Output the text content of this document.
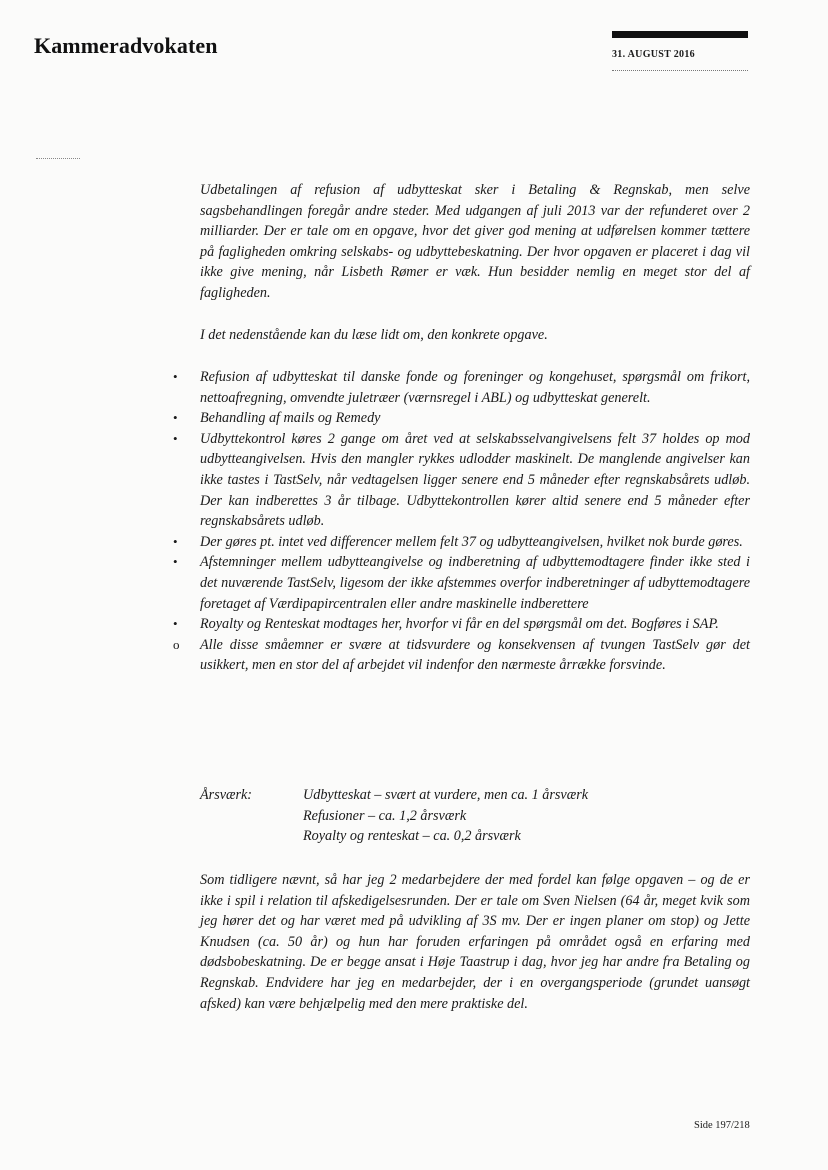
Kammeradvokaten	31. AUGUST 2016

Udbetalingen af refusion af udbytteskat sker i Betaling & Regnskab, men selve sagsbehandlingen foregår andre steder. Med udgangen af juli 2013 var der refunderet over 2 milliarder. Der er tale om en opgave, hvor det giver god mening at udførelsen kommer tættere på fagligheden omkring selskabs- og udbyttebeskatning. Der hvor opgaven er placeret i dag vil ikke give mening, når Lisbeth Rømer er væk. Hun besidder nemlig en meget stor del af fagligheden.

I det nedenstående kan du læse lidt om, den konkrete opgave.

• Refusion af udbytteskat til danske fonde og foreninger og kongehuset, spørgsmål om frikort, nettoafregning, omvendte juletræer (værnsregel i ABL) og udbytteskat generelt.
• Behandling af mails og Remedy
• Udbyttekontrol køres 2 gange om året ved at selskabsselvangivelsens felt 37 holdes op mod udbytteangivelsen. Hvis den mangler rykkes udlodder maskinelt. De manglende angivelser kan ikke tastes i TastSelv, når vedtagelsen ligger senere end 5 måneder efter regnskabsårets udløb. Der kan indberettes 3 år tilbage. Udbyttekontrollen kører altid senere end 5 måneder efter regnskabsårets udløb.
• Der gøres pt. intet ved differencer mellem felt 37 og udbytteangivelsen, hvilket nok burde gøres.
• Afstemninger mellem udbytteangivelse og indberetning af udbyttemodtagere finder ikke sted i det nuværende TastSelv, ligesom der ikke afstemmes overfor indberetninger af udbyttemodtagere foretaget af Værdipapircentralen eller andre maskinelle indberettere
• Royalty og Renteskat modtages her, hvorfor vi får en del spørgsmål om det. Bogføres i SAP.
o Alle disse småemner er svære at tidsvurdere og konsekvensen af tvungen TastSelv gør det usikkert, men en stor del af arbejdet vil indenfor den nærmeste årrække forsvinde.
Årsværk:	Udbytteskat – svært at vurdere, men ca. 1 årsværk
Refusioner – ca. 1,2 årsværk
Royalty og renteskat – ca. 0,2 årsværk

Som tidligere nævnt, så har jeg 2 medarbejdere der med fordel kan følge opgaven – og de er ikke i spil i relation til afskedigelsesrunden. Der er tale om Sven Nielsen (64 år, meget kvik som jeg hører det og har været med på udvikling af 3S mv. Der er ingen planer om stop) og Jette Knudsen (ca. 50 år) og hun har foruden erfaringen på området også en erfaring med dødsbobeskatning. De er begge ansat i Høje Taastrup i dag, hvor jeg har andre fra Betaling og Regnskab. Endvidere har jeg en medarbejder, der i en overgangsperiode (grundet uansøgt afsked) kan være behjælpelig med den mere praktiske del.

Side 197/218
